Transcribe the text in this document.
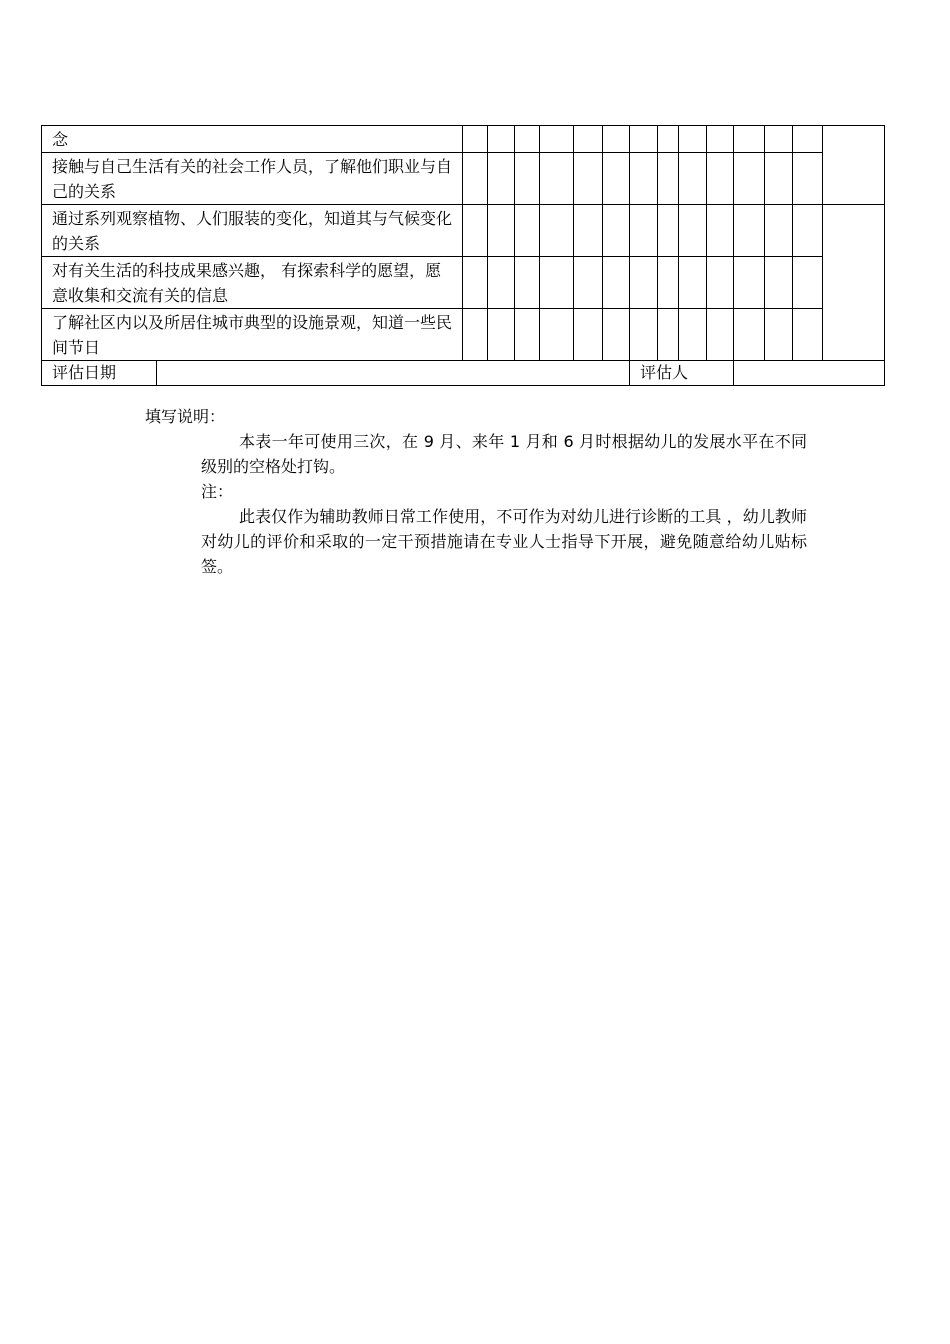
念															
接触与自己生活有关的社会工作人员，了解他们职业与自己的关系															
通过系列观察植物、人们服装的变化，知道其与气候变化的关系															
对有关生活的科技成果感兴趣， 有探索科学的愿望，愿意收集和交流有关的信息															
了解社区内以及所居住城市典型的设施景观，知道一些民间节日															
评估日期								评估人							
填写说明：
本表一年可使用三次，在 9 月、来年 1 月和 6 月时根据幼儿的发展水平在不同级别的空格处打钩。
注：
此表仅作为辅助教师日常工作使用，不可作为对幼儿进行诊断的工具 ，幼儿教师对幼儿的评价和采取的一定干预措施请在专业人士指导下开展，避免随意给幼儿贴标签。
